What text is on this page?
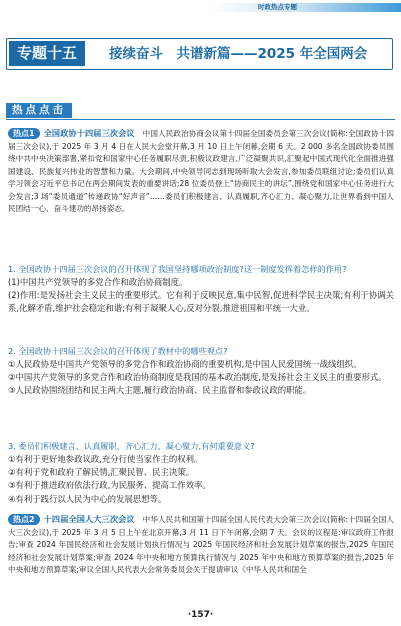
时政热点专题
专题十五	接续奋斗　共谱新篇——2025 年全国两会
热点点击
热点1 全国政协十四届三次会议 中国人民政治协商会议第十四届全国委员会第三次会议(简称:全国政协十四届三次会议),于 2025 年 3 月 4 日在人民大会堂开幕,3 月 10 日上午闭幕,会期 6 天。2 000 多名全国政协委员围绕中共中央决策部署,紧扣党和国家中心任务履职尽责,积极议政建言,广泛凝聚共识,汇聚起中国式现代化全面推进强国建设、民族复兴伟业的智慧和力量。大会期间,中央领导同志到现场听取大会发言,参加委员联组讨论;委员们认真学习领会习近平总书记在两会期间发表的重要讲话;28 位委员登上“协商民主的讲坛”,围绕党和国家中心任务进行大会发言;3 场“委员通道”传递政协“好声音”……委员们积极建言、认真履职,齐心汇力、凝心聚力,让世界看到中国人民团结一心、奋斗建功的昂扬姿态。
1. 全国政协十四届三次会议的召开体现了我国坚持哪项政治制度?这一制度发挥着怎样的作用?
(1)中国共产党领导的多党合作和政治协商制度。
(2)作用:是发扬社会主义民主的重要形式。它有利于反映民意,集中民智,促进科学民主决策;有利于协调关系,化解矛盾,维护社会稳定和谐;有利于凝聚人心,反对分裂,推进祖国和平统一大业。
2. 全国政协十四届三次会议的召开体现了教材中的哪些观点?
①人民政协是中国共产党领导的多党合作和政治协商的重要机构,是中国人民爱国统一战线组织。
②中国共产党领导的多党合作和政治协商制度是我国的基本政治制度,是发扬社会主义民主的重要形式。
③人民政协围绕团结和民主两大主题,履行政治协商、民主监督和参政议政的职能。
3. 委员们积极建言、认真履职、齐心汇力、凝心聚力,有何重要意义?
①有利于更好地参政议政,充分行使当家作主的权利。
②有利于党和政府了解民情,汇聚民智、民主决策。
③有利于推进政府依法行政,为民服务、提高工作效率。
④有利于践行以人民为中心的发展思想等。
热点2 十四届全国人大三次会议 中华人民共和国第十四届全国人民代表大会第三次会议(简称:十四届全国人大三次会议),于 2025 年 3 月 5 日上午在北京开幕,3 月 11 日下午闭幕,会期 7 天。会议的议程是:审议政府工作报告;审查 2024 年国民经济和社会发展计划执行情况与 2025 年国民经济和社会发展计划草案的报告,2025 年国民经济和社会发展计划草案;审查 2024 年中央和地方预算执行情况与 2025 年中央和地方预算草案的报告,2025 年中央和地方预算草案;审议全国人民代表大会常务委员会关于提请审议《中华人民共和国全
·157·
